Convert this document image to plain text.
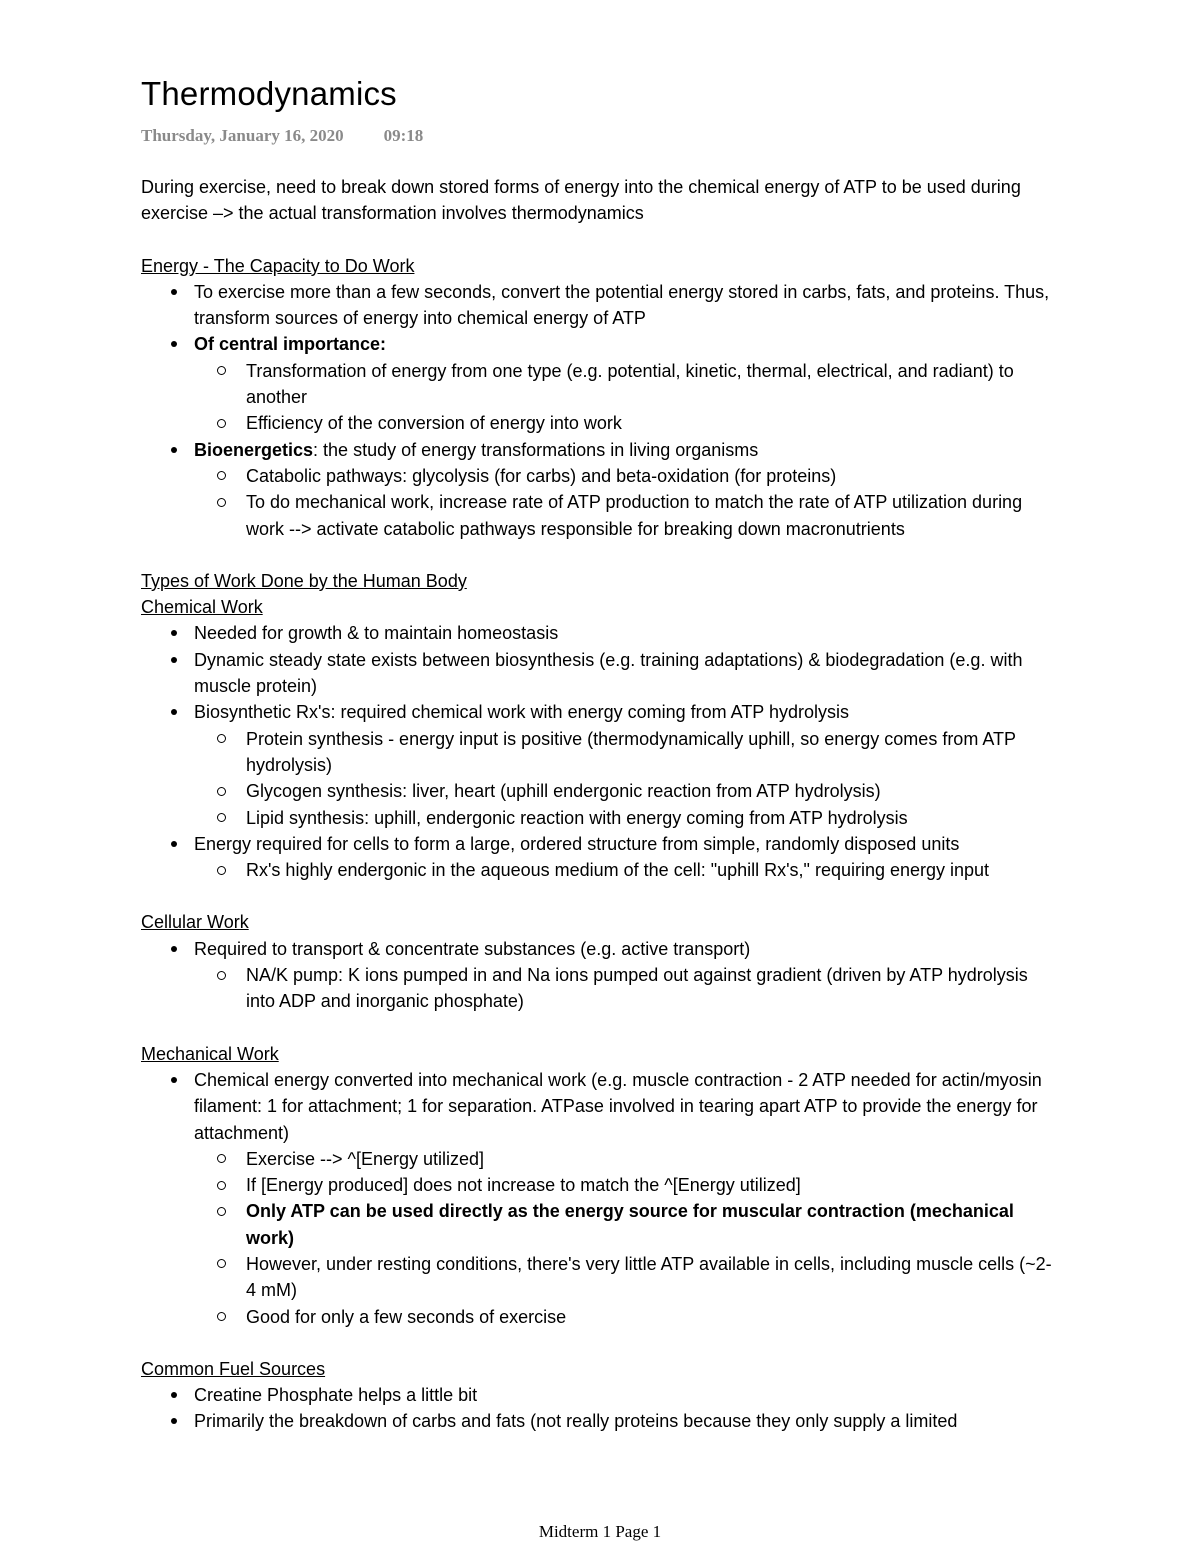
Thermodynamics
Thursday, January 16, 2020 09:18

During exercise, need to break down stored forms of energy into the chemical energy of ATP to be used during exercise –> the actual transformation involves thermodynamics

Energy - The Capacity to Do Work

To exercise more than a few seconds, convert the potential energy stored in carbs, fats, and proteins. Thus, transform sources of energy into chemical energy of ATP
Of central importance:
Transformation of energy from one type (e.g. potential, kinetic, thermal, electrical, and radiant) to another
Efficiency of the conversion of energy into work
Bioenergetics: the study of energy transformations in living organisms
Catabolic pathways: glycolysis (for carbs) and beta-oxidation (for proteins)
To do mechanical work, increase rate of ATP production to match the rate of ATP utilization during work --> activate catabolic pathways responsible for breaking down macronutrients

Types of Work Done by the Human Body

Chemical Work

Needed for growth & to maintain homeostasis
Dynamic steady state exists between biosynthesis (e.g. training adaptations) & biodegradation (e.g. with muscle protein)
Biosynthetic Rx's: required chemical work with energy coming from ATP hydrolysis
Protein synthesis - energy input is positive (thermodynamically uphill, so energy comes from ATP hydrolysis)
Glycogen synthesis: liver, heart (uphill endergonic reaction from ATP hydrolysis)
Lipid synthesis: uphill, endergonic reaction with energy coming from ATP hydrolysis
Energy required for cells to form a large, ordered structure from simple, randomly disposed units
Rx's highly endergonic in the aqueous medium of the cell: "uphill Rx's," requiring energy input

Cellular Work

Required to transport & concentrate substances (e.g. active transport)
NA/K pump: K ions pumped in and Na ions pumped out against gradient (driven by ATP hydrolysis into ADP and inorganic phosphate)

Mechanical Work

Chemical energy converted into mechanical work (e.g. muscle contraction - 2 ATP needed for actin/myosin filament: 1 for attachment; 1 for separation. ATPase involved in tearing apart ATP to provide the energy for attachment)
Exercise --> ^[Energy utilized]
If [Energy produced] does not increase to match the ^[Energy utilized]
Only ATP can be used directly as the energy source for muscular contraction (mechanical work)
However, under resting conditions, there's very little ATP available in cells, including muscle cells (~2-4 mM)
Good for only a few seconds of exercise

Common Fuel Sources

Creatine Phosphate helps a little bit
Primarily the breakdown of carbs and fats (not really proteins because they only supply a limited
Midterm 1 Page 1
